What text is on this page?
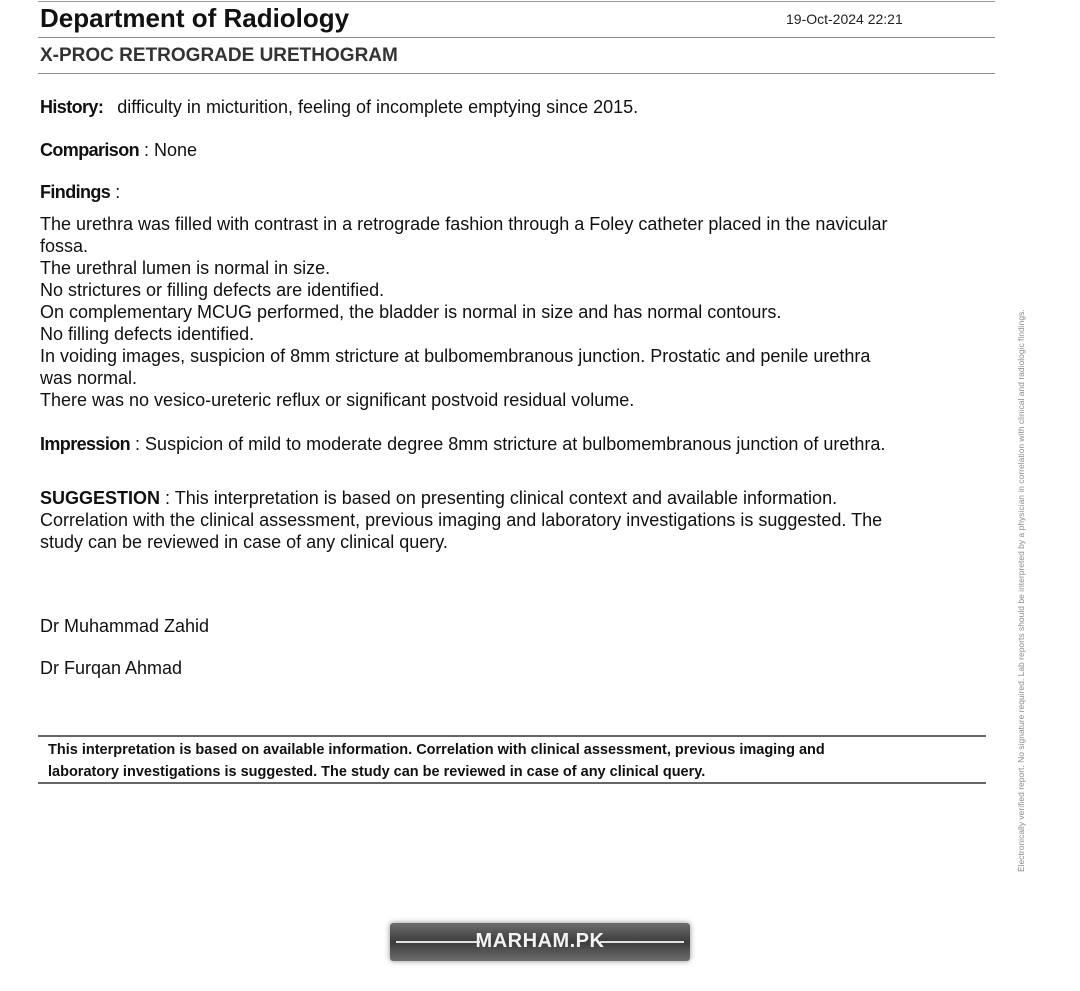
Department of Radiology	19-Oct-2024 22:21
X-PROC RETROGRADE URETHOGRAM
History: difficulty in micturition, feeling of incomplete emptying since 2015.
Comparison : None
Findings :
The urethra was filled with contrast in a retrograde fashion through a Foley catheter placed in the navicular
fossa.
The urethral lumen is normal in size.
No strictures or filling defects are identified.
On complementary MCUG performed, the bladder is normal in size and has normal contours.
No filling defects identified.
In voiding images, suspicion of 8mm stricture at bulbomembranous junction. Prostatic and penile urethra
was normal.
There was no vesico-ureteric reflux or significant postvoid residual volume.
Impression : Suspicion of mild to moderate degree 8mm stricture at bulbomembranous junction of urethra.
SUGGESTION : This interpretation is based on presenting clinical context and available information.
Correlation with the clinical assessment, previous imaging and laboratory investigations is suggested. The
study can be reviewed in case of any clinical query.
Dr Muhammad Zahid
Dr Furqan Ahmad
This interpretation is based on available information. Correlation with clinical assessment, previous imaging and
laboratory investigations is suggested. The study can be reviewed in case of any clinical query.	Electronically verified report. No signature required. Lab reports should be interpreted by a physician in correlation with clinical and radiologic findings.
MARHAM.PK
